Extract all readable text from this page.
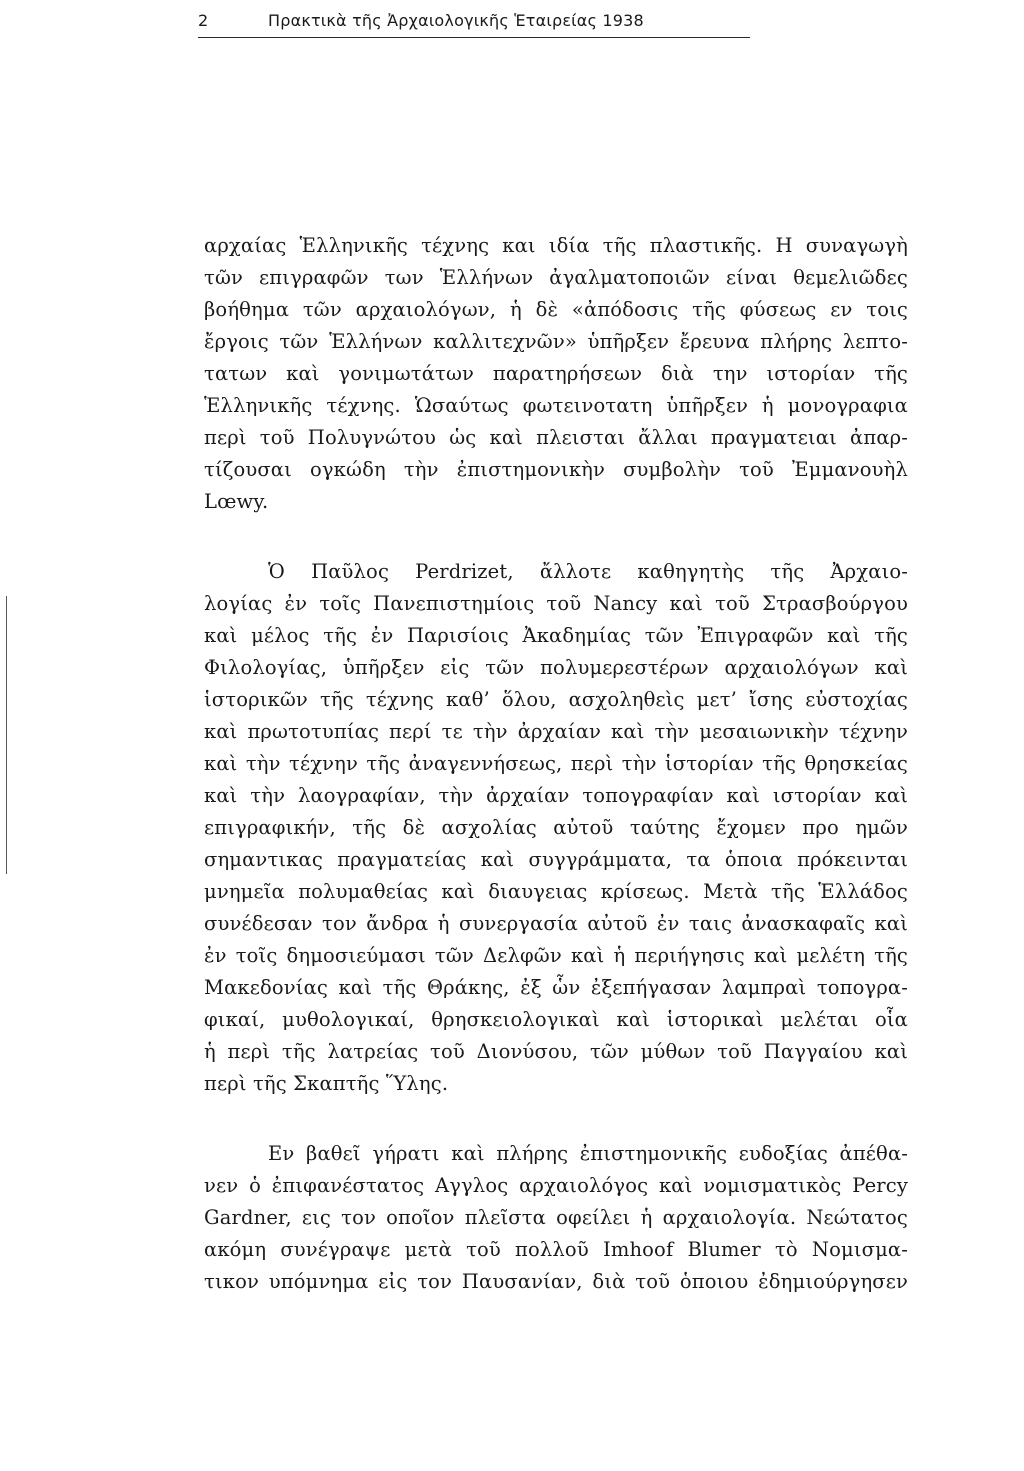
2	Πρακτικὰ τῆς Ἀρχαιολογικῆς Ἑταιρείας 1938
αρχαίας Ἑλληνικῆς τέχνης και ιδία τῆς πλαστικῆς. Η συναγωγὴ
τῶν επιγραφῶν των Ἑλλήνων ἀγαλματοποιῶν είναι θεμελιῶδες
βοήθημα τῶν αρχαιολόγων, ἡ δὲ «ἀπόδοσις τῆς φύσεως εν τοις
ἔργοις τῶν Ἑλλήνων καλλιτεχνῶν» ὑπῆρξεν ἔρευνα πλήρης λεπτο-
τατων καὶ γονιμωτάτων παρατηρήσεων διὰ την ιστορίαν τῆς
Ἑλληνικῆς τέχνης. Ὡσαύτως φωτεινοτατη ὑπῆρξεν ἡ μονογραφια
περὶ τοῦ Πολυγνώτου ὡς καὶ πλεισται ἄλλαι πραγματειαι ἀπαρ-
τίζουσαι ογκώδη τὴν ἐπιστημονικὴν συμβολὴν τοῦ Ἐμμανουὴλ
Lœwy.
Ὁ Παῦλος Perdrizet, ἄλλοτε καθηγητὴς τῆς Ἀρχαιο-
λογίας ἐν τοῖς Πανεπιστημίοις τοῦ Nancy καὶ τοῦ Στρασβούργου
καὶ μέλος τῆς ἐν Παρισίοις Ἀκαδημίας τῶν Ἐπιγραφῶν καὶ τῆς
Φιλολογίας, ὑπῆρξεν εἰς τῶν πολυμερεστέρων αρχαιολόγων καὶ
ἱστορικῶν τῆς τέχνης καθ’ ὅλου, ασχοληθεὶς μετ’ ἴσης εὐστοχίας
καὶ πρωτοτυπίας περί τε τὴν ἀρχαίαν καὶ τὴν μεσαιωνικὴν τέχνην
καὶ τὴν τέχνην τῆς ἀναγεννήσεως, περὶ τὴν ἱστορίαν τῆς θρησκείας
καὶ τὴν λαογραφίαν, τὴν ἀρχαίαν τοπογραφίαν καὶ ιστορίαν καὶ
επιγραφικήν, τῆς δὲ ασχολίας αὐτοῦ ταύτης ἔχομεν προ ημῶν
σημαντικας πραγματείας καὶ συγγράμματα, τα ὁποια πρόκεινται
μνημεῖα πολυμαθείας καὶ διαυγειας κρίσεως. Μετὰ τῆς Ἑλλάδος
συνέδεσαν τον ἄνδρα ἡ συνεργασία αὐτοῦ ἐν ταις ἀνασκαφαῖς καὶ
ἐν τοῖς δημοσιεύμασι τῶν Δελφῶν καὶ ἡ περιήγησις καὶ μελέτη τῆς
Μακεδονίας καὶ τῆς Θράκης, ἐξ ὧν ἐξεπήγασαν λαμπραὶ τοπογρα-
φικαί, μυθολογικαί, θρησκειολογικαὶ καὶ ἱστορικαὶ μελέται οἷα
ἡ περὶ τῆς λατρείας τοῦ Διονύσου, τῶν μύθων τοῦ Παγγαίου καὶ
περὶ τῆς Σκαπτῆς Ὕλης.
Εν βαθεῖ γήρατι καὶ πλήρης ἐπιστημονικῆς ευδοξίας ἀπέθα-
νεν ὁ ἐπιφανέστατος Αγγλος αρχαιολόγος καὶ νομισματικὸς Percy
Gardner, εις τον οποῖον πλεῖστα οφείλει ἡ αρχαιολογία. Νεώτατος
ακόμη συνέγραψε μετὰ τοῦ πολλοῦ Imhoof Blumer τὸ Νομισμα-
τικον υπόμνημα εἰς τον Παυσανίαν, διὰ τοῦ ὁποιου ἐδημιούργησεν
